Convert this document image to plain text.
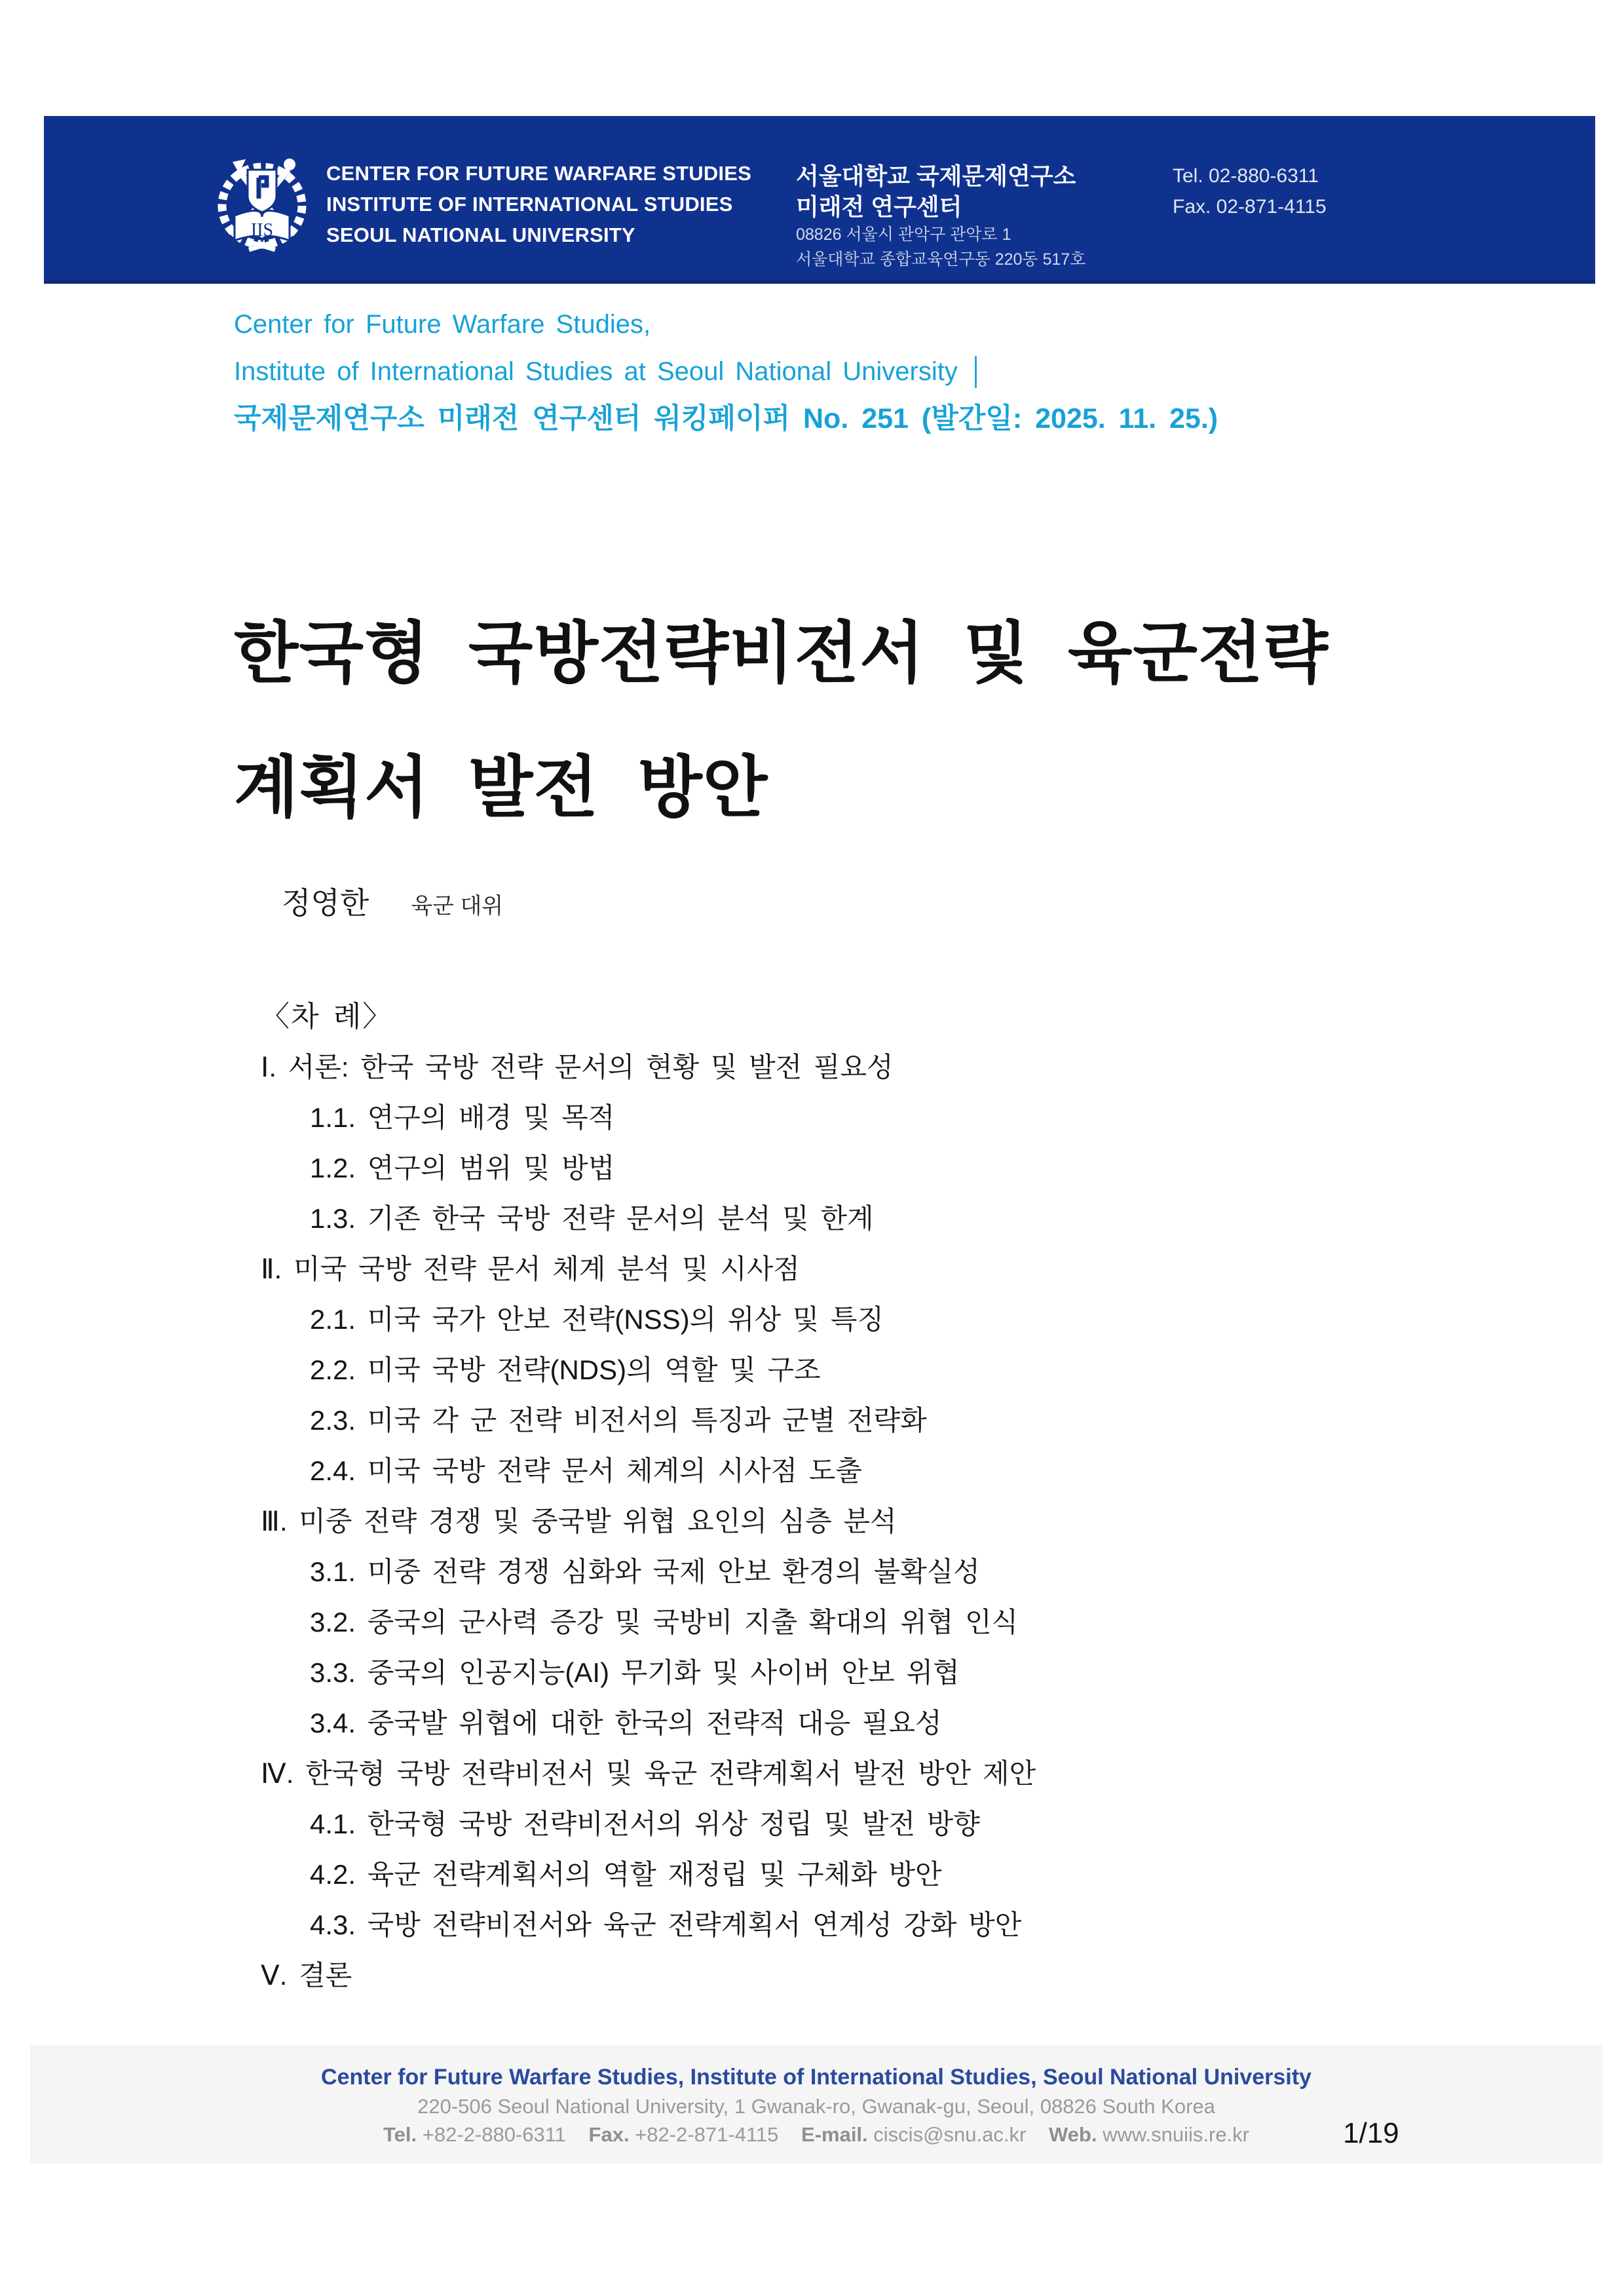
IIS
CENTER FOR FUTURE WARFARE STUDIES
INSTITUTE OF INTERNATIONAL STUDIES
SEOUL NATIONAL UNIVERSITY
서울대학교 국제문제연구소
미래전 연구센터
08826 서울시 관악구 관악로 1
서울대학교 종합교육연구동 220동 517호
Tel. 02-880-6311
Fax. 02-871-4115
Center for Future Warfare Studies,
Institute of International Studies at Seoul National University │
국제문제연구소 미래전 연구센터 워킹페이퍼 No. 251 (발간일: 2025. 11. 25.)
한국형 국방전략비전서 및 육군전략
계획서 발전 방안
정영한 육군 대위
〈차 례〉
Ⅰ. 서론: 한국 국방 전략 문서의 현황 및 발전 필요성
1.1. 연구의 배경 및 목적
1.2. 연구의 범위 및 방법
1.3. 기존 한국 국방 전략 문서의 분석 및 한계
Ⅱ. 미국 국방 전략 문서 체계 분석 및 시사점
2.1. 미국 국가 안보 전략(NSS)의 위상 및 특징
2.2. 미국 국방 전략(NDS)의 역할 및 구조
2.3. 미국 각 군 전략 비전서의 특징과 군별 전략화
2.4. 미국 국방 전략 문서 체계의 시사점 도출
Ⅲ. 미중 전략 경쟁 및 중국발 위협 요인의 심층 분석
3.1. 미중 전략 경쟁 심화와 국제 안보 환경의 불확실성
3.2. 중국의 군사력 증강 및 국방비 지출 확대의 위협 인식
3.3. 중국의 인공지능(AI) 무기화 및 사이버 안보 위협
3.4. 중국발 위협에 대한 한국의 전략적 대응 필요성
Ⅳ. 한국형 국방 전략비전서 및 육군 전략계획서 발전 방안 제안
4.1. 한국형 국방 전략비전서의 위상 정립 및 발전 방향
4.2. 육군 전략계획서의 역할 재정립 및 구체화 방안
4.3. 국방 전략비전서와 육군 전략계획서 연계성 강화 방안
Ⅴ. 결론
Center for Future Warfare Studies, Institute of International Studies, Seoul National University
220-506 Seoul National University, 1 Gwanak-ro, Gwanak-gu, Seoul, 08826 South Korea
Tel. +82-2-880-6311 Fax. +82-2-871-4115 E-mail. ciscis@snu.ac.kr Web. www.snuiis.re.kr	1/19
